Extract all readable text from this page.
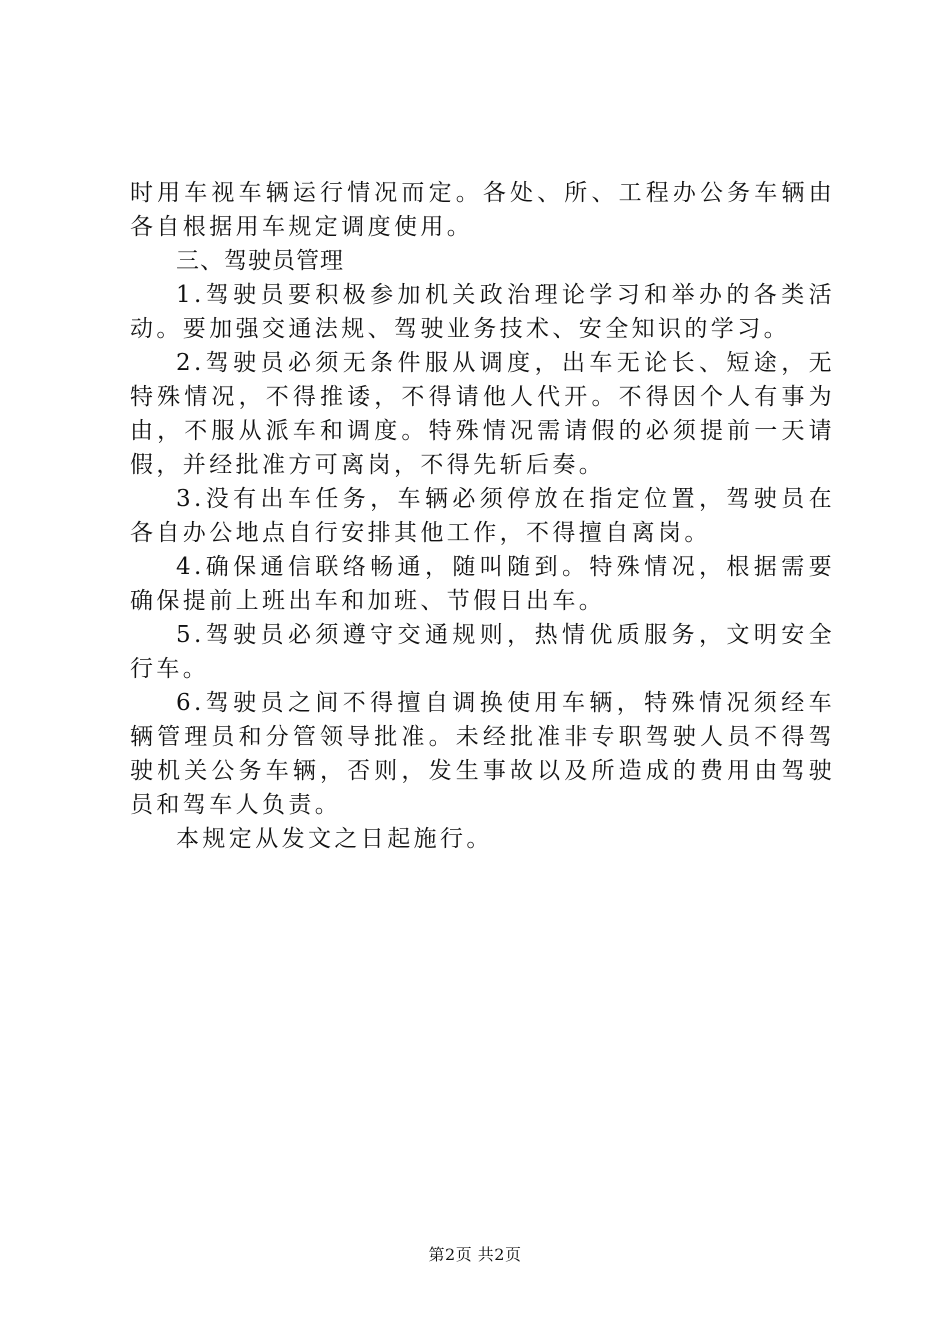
时用车视车辆运行情况而定。各处、所、工程办公务车辆由各自根据用车规定调度使用。

三、驾驶员管理

1.驾驶员要积极参加机关政治理论学习和举办的各类活动。要加强交通法规、驾驶业务技术、安全知识的学习。

2.驾驶员必须无条件服从调度，出车无论长、短途，无特殊情况，不得推诿，不得请他人代开。不得因个人有事为由，不服从派车和调度。特殊情况需请假的必须提前一天请假，并经批准方可离岗，不得先斩后奏。

3.没有出车任务，车辆必须停放在指定位置，驾驶员在各自办公地点自行安排其他工作，不得擅自离岗。

4.确保通信联络畅通，随叫随到。特殊情况，根据需要确保提前上班出车和加班、节假日出车。

5.驾驶员必须遵守交通规则，热情优质服务，文明安全行车。

6.驾驶员之间不得擅自调换使用车辆，特殊情况须经车辆管理员和分管领导批准。未经批准非专职驾驶人员不得驾驶机关公务车辆，否则，发生事故以及所造成的费用由驾驶员和驾车人负责。

本规定从发文之日起施行。

第2页 共2页
